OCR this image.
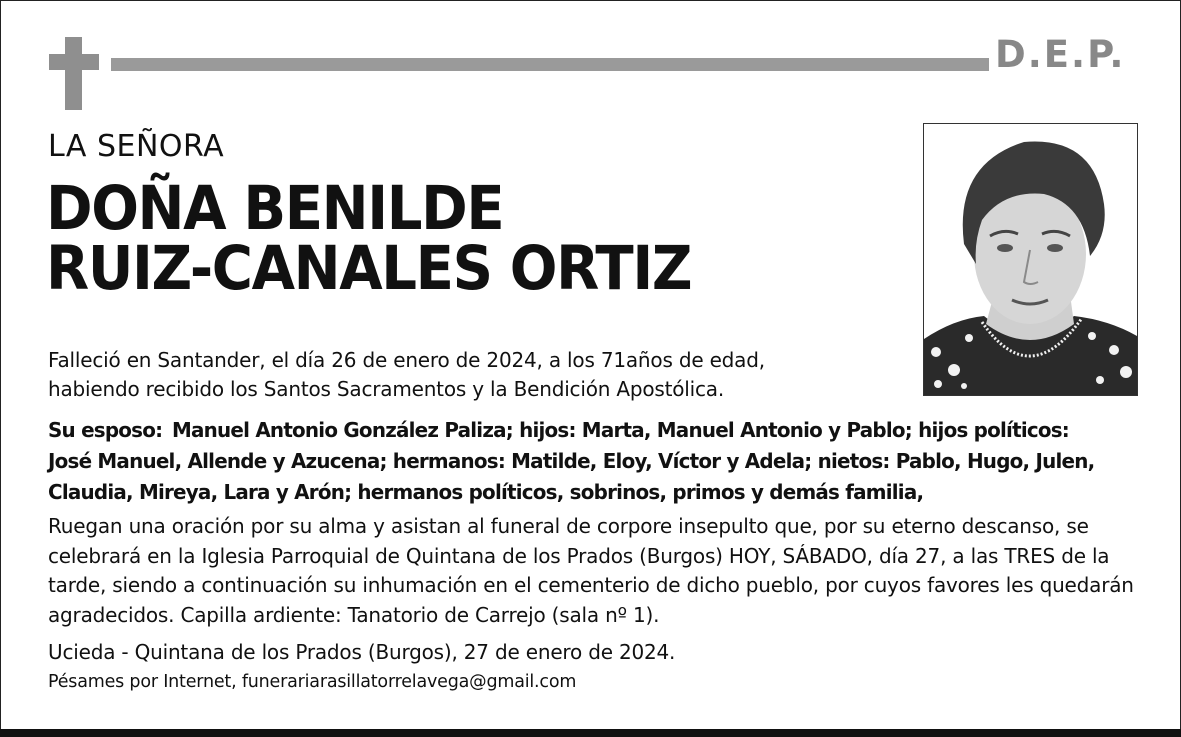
D.E.P.
LA SEÑORA
DOÑA BENILDE
RUIZ-CANALES ORTIZ
Falleció en Santander, el día 26 de enero de 2024, a los 71años de edad,
habiendo recibido los Santos Sacramentos y la Bendición Apostólica.
Su esposo: Manuel Antonio González Paliza; hijos: Marta, Manuel Antonio y Pablo; hijos políticos: José Manuel, Allende y Azucena; hermanos: Matilde, Eloy, Víctor y Adela; nietos: Pablo, Hugo, Julen, Claudia, Mireya, Lara y Arón; hermanos políticos, sobrinos, primos y demás familia,
Ruegan una oración por su alma y asistan al funeral de corpore insepulto que, por su eterno descanso, se celebrará en la Iglesia Parroquial de Quintana de los Prados (Burgos) HOY, SÁBADO, día 27, a las TRES de la tarde, siendo a continuación su inhumación en el cementerio de dicho pueblo, por cuyos favores les quedarán agradecidos. Capilla ardiente: Tanatorio de Carrejo (sala nº 1).
Ucieda - Quintana de los Prados (Burgos), 27 de enero de 2024.
Pésames por Internet, funerariarasillatorrelavega@gmail.com
